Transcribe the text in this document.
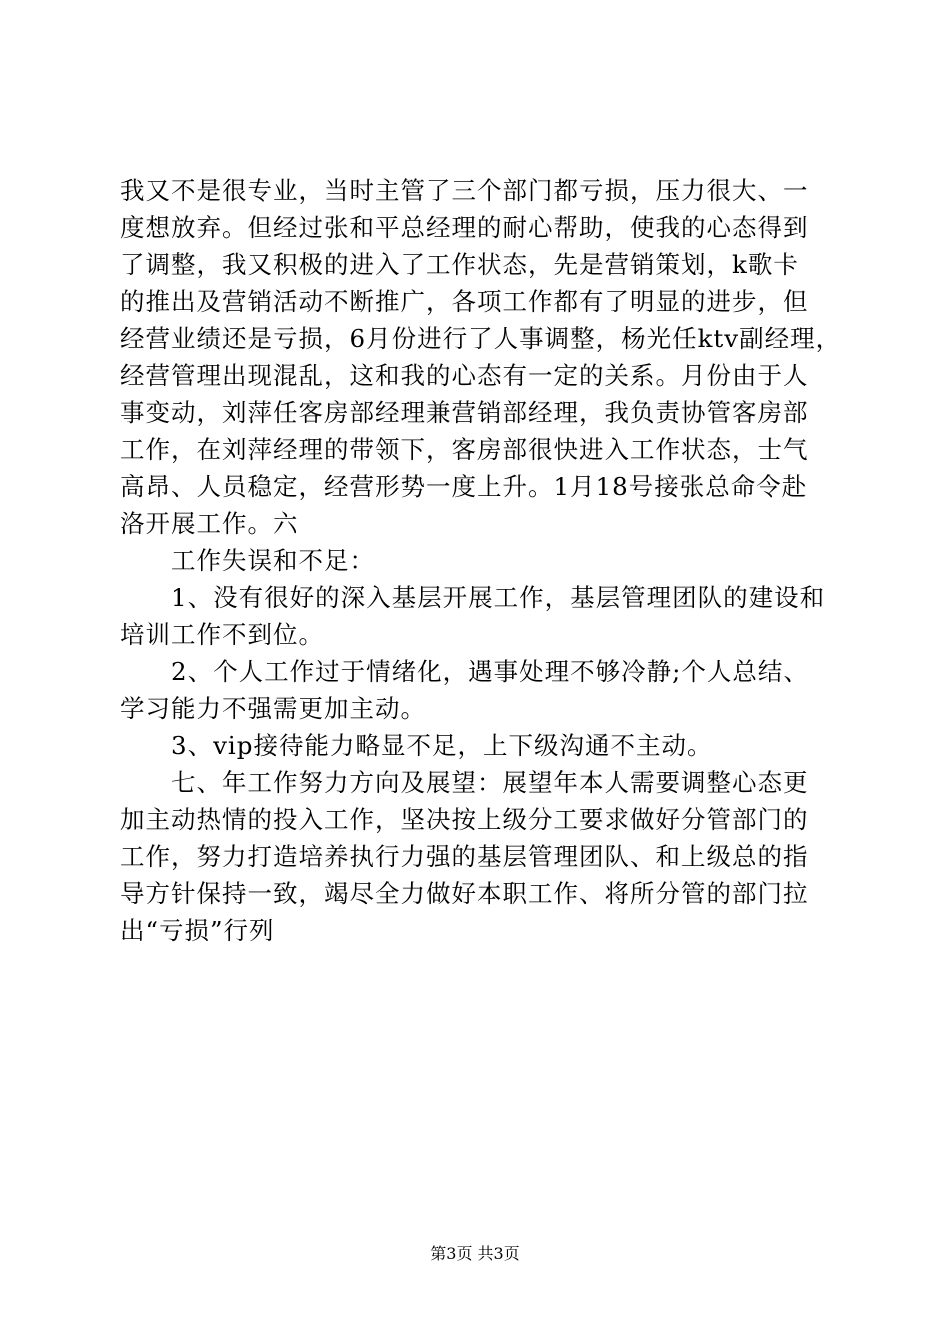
我又不是很专业，当时主管了三个部门都亏损，压力很大、一
度想放弃。但经过张和平总经理的耐心帮助，使我的心态得到
了调整，我又积极的进入了工作状态，先是营销策划，k歌卡
的推出及营销活动不断推广，各项工作都有了明显的进步，但
经营业绩还是亏损，6月份进行了人事调整，杨光任ktv副经理，
经营管理出现混乱，这和我的心态有一定的关系。月份由于人
事变动，刘萍任客房部经理兼营销部经理，我负责协管客房部
工作，在刘萍经理的带领下，客房部很快进入工作状态，士气
高昂、人员稳定，经营形势一度上升。1月18号接张总命令赴
洛开展工作。六
　　工作失误和不足：
　　1、没有很好的深入基层开展工作，基层管理团队的建设和
培训工作不到位。
　　2、个人工作过于情绪化，遇事处理不够冷静;个人总结、
学习能力不强需更加主动。
　　3、vip接待能力略显不足，上下级沟通不主动。
　　七、年工作努力方向及展望：展望年本人需要调整心态更
加主动热情的投入工作，坚决按上级分工要求做好分管部门的
工作，努力打造培养执行力强的基层管理团队、和上级总的指
导方针保持一致，竭尽全力做好本职工作、将所分管的部门拉
出“亏损”行列
第3页 共3页
